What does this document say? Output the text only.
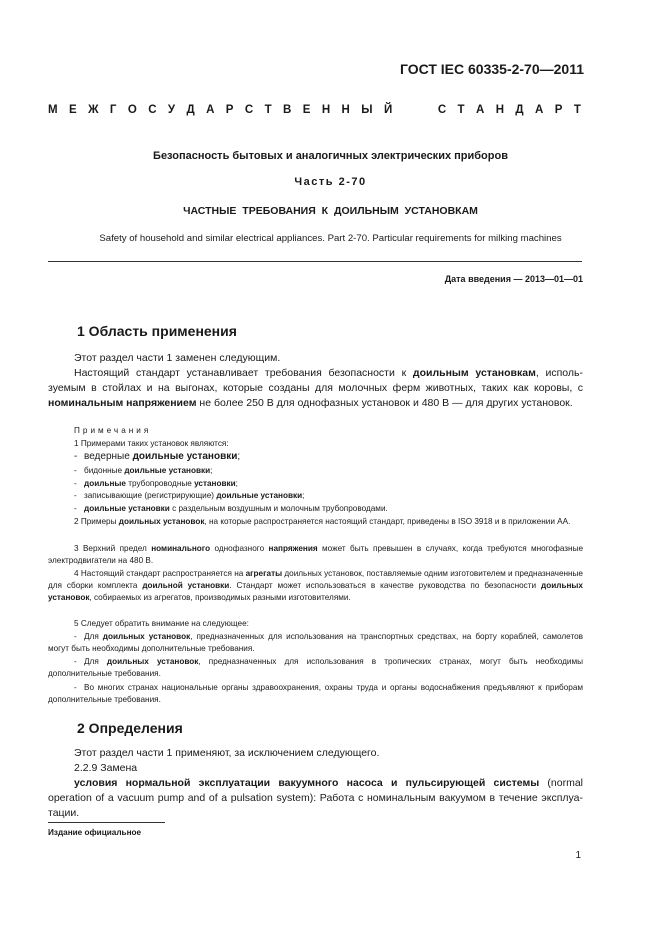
ГОСТ IEC 60335-2-70—2011
М Е Ж Г О С У Д А Р С Т В Е Н Н Ы Й	С Т А Н Д А Р Т
Безопасность бытовых и аналогичных электрических приборов
Часть 2-70
ЧАСТНЫЕ ТРЕБОВАНИЯ К ДОИЛЬНЫМ УСТАНОВКАМ
Safety of household and similar electrical appliances. Part 2-70. Particular requirements for milking machines
Дата введения — 2013—01—01
1 Область применения

Этот раздел части 1 заменен следующим.

Настоящий стандарт устанавливает требования безопасности к доильным установкам, используемым в стойлах и на выгонах, которые созданы для молочных ферм животных, таких как коровы, с номинальным напряжением не более 250 В для однофазных установок и 480 В — для других установок.

Примечания

1 Примерами таких установок являются:

- ведерные доильные установки;

- бидонные доильные установки;

- доильные трубопроводные установки;

- записывающие (регистрирующие) доильные установки;

- доильные установки с раздельным воздушным и молочным трубопроводами.

2 Примеры доильных установок, на которые распространяется настоящий стандарт, приведены в ISO 3918 и в приложении АА.

3 Верхний предел номинального однофазного напряжения может быть превышен в случаях, когда требуются многофазные электродвигатели на 480 В.

4 Настоящий стандарт распространяется на агрегаты доильных установок, поставляемые одним изготовителем и предназначенные для сборки комплекта доильной установки. Стандарт может использоваться в качестве руководства по безопасности доильных установок, собираемых из агрегатов, производимых разными изготовителями.

5 Следует обратить внимание на следующее:

- Для доильных установок, предназначенных для использования на транспортных средствах, на борту кораблей, самолетов могут быть необходимы дополнительные требования.

- Для доильных установок, предназначенных для использования в тропических странах, могут быть необходимы дополнительные требования.

- Во многих странах национальные органы здравоохранения, охраны труда и органы водоснабжения предъявляют к приборам дополнительные требования.

2 Определения

Этот раздел части 1 применяют, за исключением следующего.

2.2.9 Замена

условия нормальной эксплуатации вакуумного насоса и пульсирующей системы (normal operation of a vacuum pump and of a pulsation system): Работа с номинальным вакуумом в течение эксплуатации.

Издание официальное
1
